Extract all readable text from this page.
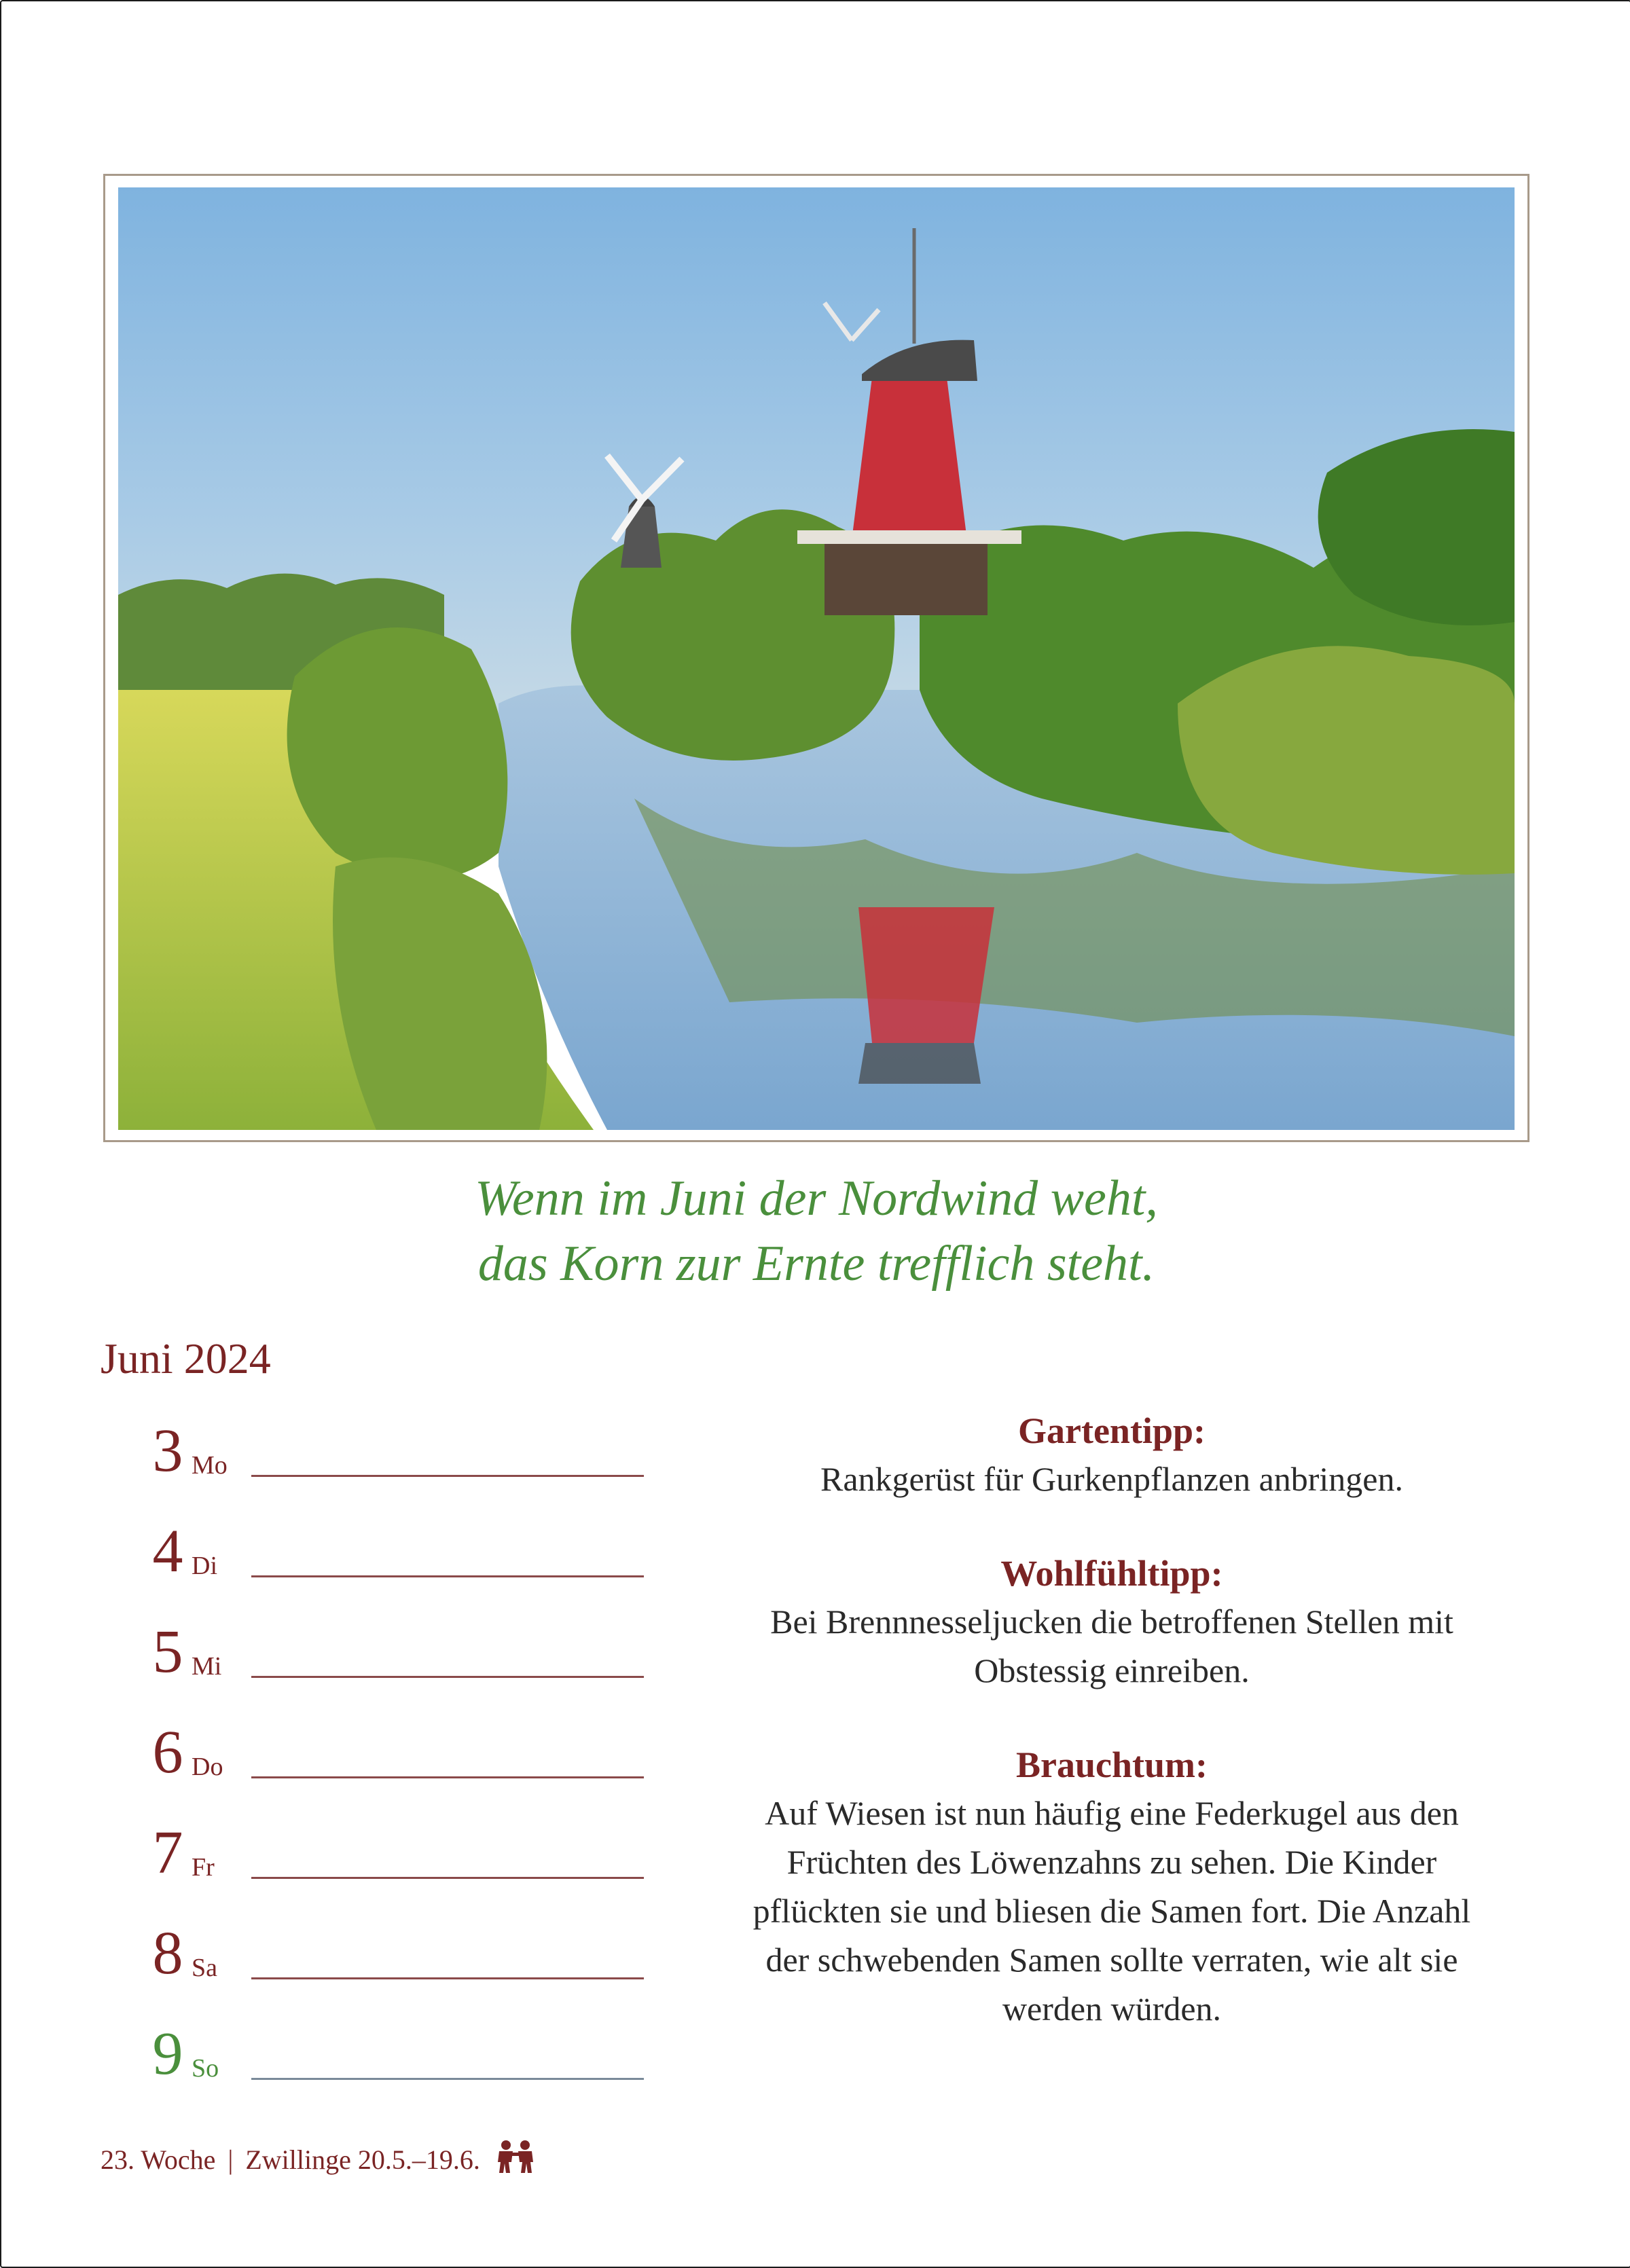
Wenn im Juni der Nordwind weht,
das Korn zur Ernte trefflich steht.
Juni 2024
3 Mo
4 Di
5 Mi
6 Do
7 Fr
8 Sa
9 So
Gartentipp:
Rankgerüst für Gurkenpflanzen anbringen.
Wohlfühltipp:
Bei Brennnesseljucken die betroffenen Stellen mit
Obstessig einreiben.
Brauchtum:
Auf Wiesen ist nun häufig eine Federkugel aus den
Früchten des Löwenzahns zu sehen. Die Kinder
pflückten sie und bliesen die Samen fort. Die Anzahl
der schwebenden Samen sollte verraten, wie alt sie
werden würden.
23. Woche | Zwillinge 20.5.–19.6.
